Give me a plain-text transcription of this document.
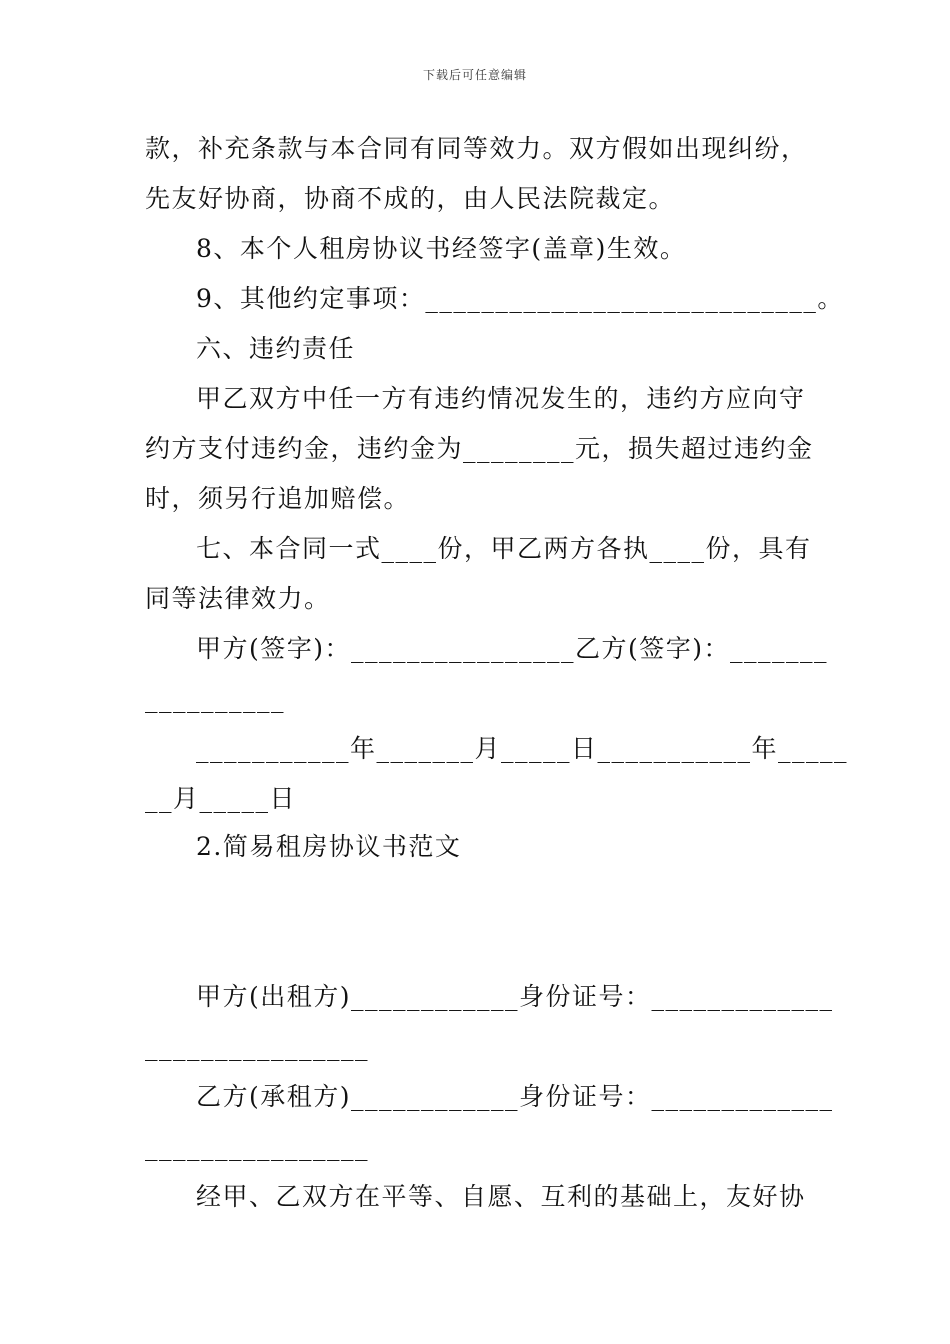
下载后可任意编辑
款，补充条款与本合同有同等效力。双方假如出现纠纷，
先友好协商，协商不成的，由人民法院裁定。
8、本个人租房协议书经签字(盖章)生效。
9、其他约定事项：____________________________。
六、违约责任
甲乙双方中任一方有违约情况发生的，违约方应向守
约方支付违约金，违约金为________元，损失超过违约金
时，须另行追加赔偿。
七、本合同一式____份，甲乙两方各执____份，具有
同等法律效力。
甲方(签字)：________________乙方(签字)：_______
__________
___________年_______月_____日___________年_____
__月_____日
2.简易租房协议书范文
甲方(出租方)____________身份证号：_____________
________________
乙方(承租方)____________身份证号：_____________
________________
经甲、乙双方在平等、自愿、互利的基础上，友好协
